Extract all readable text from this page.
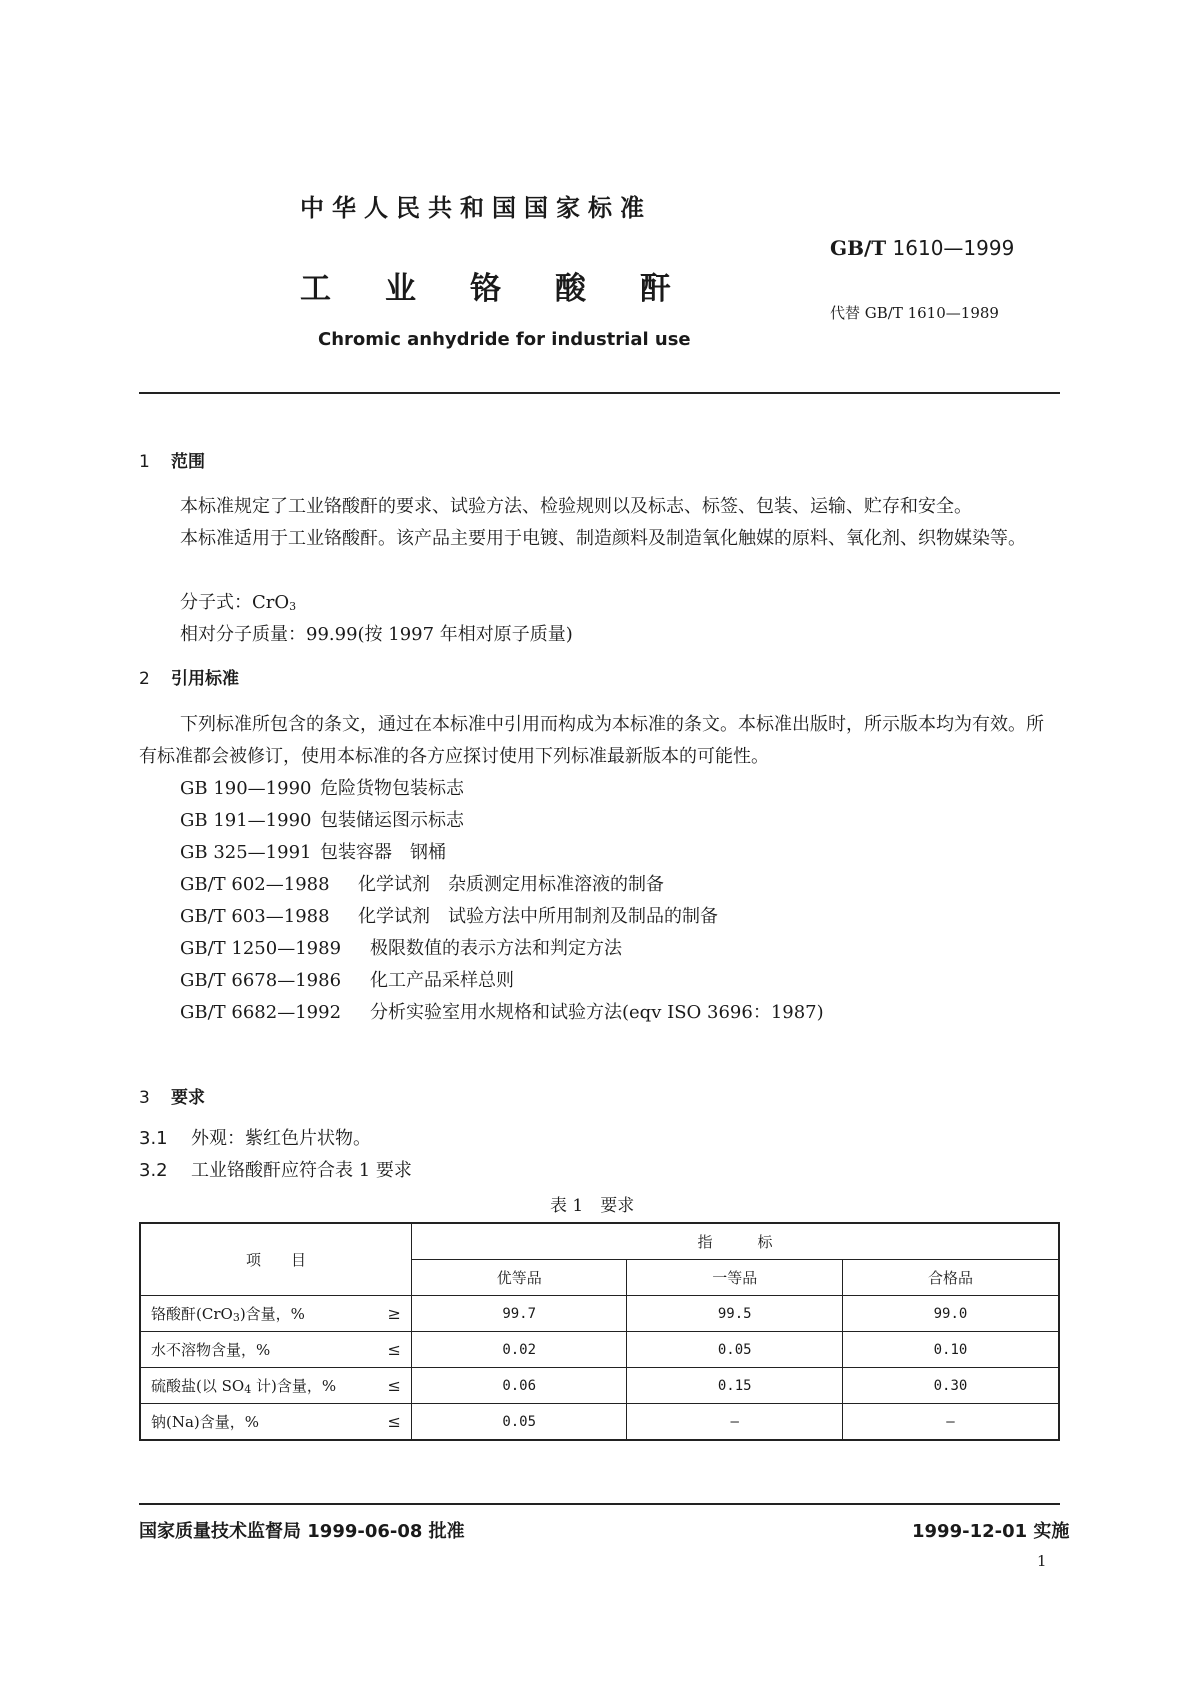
中华人民共和国国家标准
工业铬酸酐
Chromic anhydride for industrial use
GB/T 1610—1999
代替 GB/T 1610—1989
1 范围
本标准规定了工业铬酸酐的要求、试验方法、检验规则以及标志、标签、包装、运输、贮存和安全。
本标准适用于工业铬酸酐。该产品主要用于电镀、制造颜料及制造氧化触媒的原料、氧化剂、织物媒染等。
分子式：CrO3
相对分子质量：99.99(按 1997 年相对原子质量)
2 引用标准
下列标准所包含的条文，通过在本标准中引用而构成为本标准的条文。本标准出版时，所示版本均为有效。所有标准都会被修订，使用本标准的各方应探讨使用下列标准最新版本的可能性。
GB 190—1990 危险货物包装标志
GB 191—1990 包装储运图示标志
GB 325—1991 包装容器　钢桶
GB/T 602—1988 化学试剂　杂质测定用标准溶液的制备
GB/T 603—1988 化学试剂　试验方法中所用制剂及制品的制备
GB/T 1250—1989 极限数值的表示方法和判定方法
GB/T 6678—1986 化工产品采样总则
GB/T 6682—1992 分析实验室用水规格和试验方法(eqv ISO 3696：1987)
3 要求
3.1 外观：紫红色片状物。
3.2 工业铬酸酐应符合表 1 要求
表 1　要求
项　　目	指　　　标		
	优等品	一等品	合格品
铬酸酐(CrO3)含量，% ≥	99.7	99.5	99.0
水不溶物含量，% ≤	0.02	0.05	0.10
硫酸盐(以 SO4 计)含量，% ≤	0.06	0.15	0.30
钠(Na)含量，% ≤	0.05	—	—
国家质量技术监督局 1999-06-08 批准	1999-12-01 实施
1
